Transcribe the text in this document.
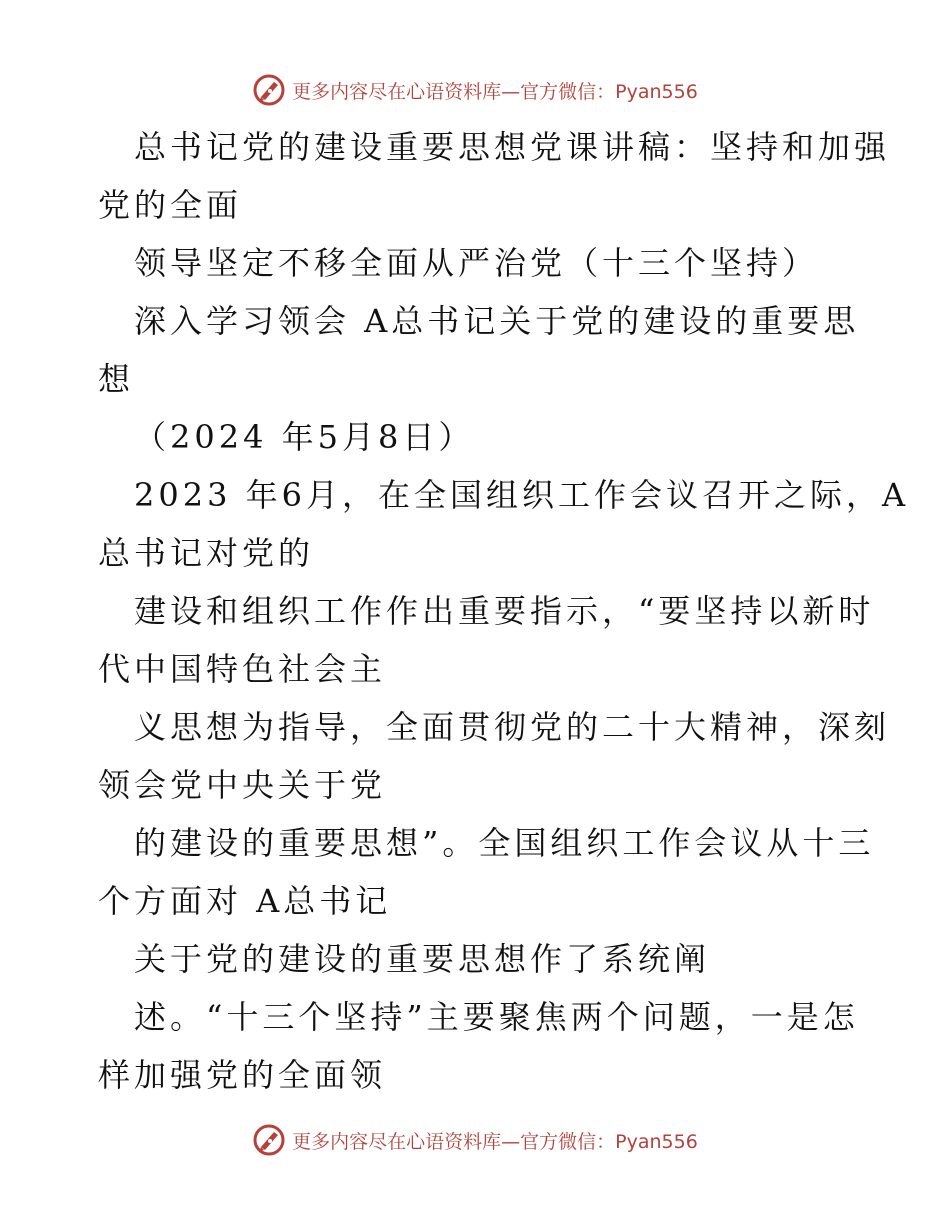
更多内容尽在心语资料库—官方微信：Pyan556
总书记党的建设重要思想党课讲稿：坚持和加强
党的全面
领导坚定不移全面从严治党（十三个坚持）
深入学习领会 A总书记关于党的建设的重要思
想
（2024 年5月8日）
2023 年6月，在全国组织工作会议召开之际，A
总书记对党的
建设和组织工作作出重要指示，“要坚持以新时
代中国特色社会主
义思想为指导，全面贯彻党的二十大精神，深刻
领会党中央关于党
的建设的重要思想”。全国组织工作会议从十三
个方面对 A总书记
关于党的建设的重要思想作了系统阐
述。“十三个坚持”主要聚焦两个问题，一是怎
样加强党的全面领
更多内容尽在心语资料库—官方微信：Pyan556
